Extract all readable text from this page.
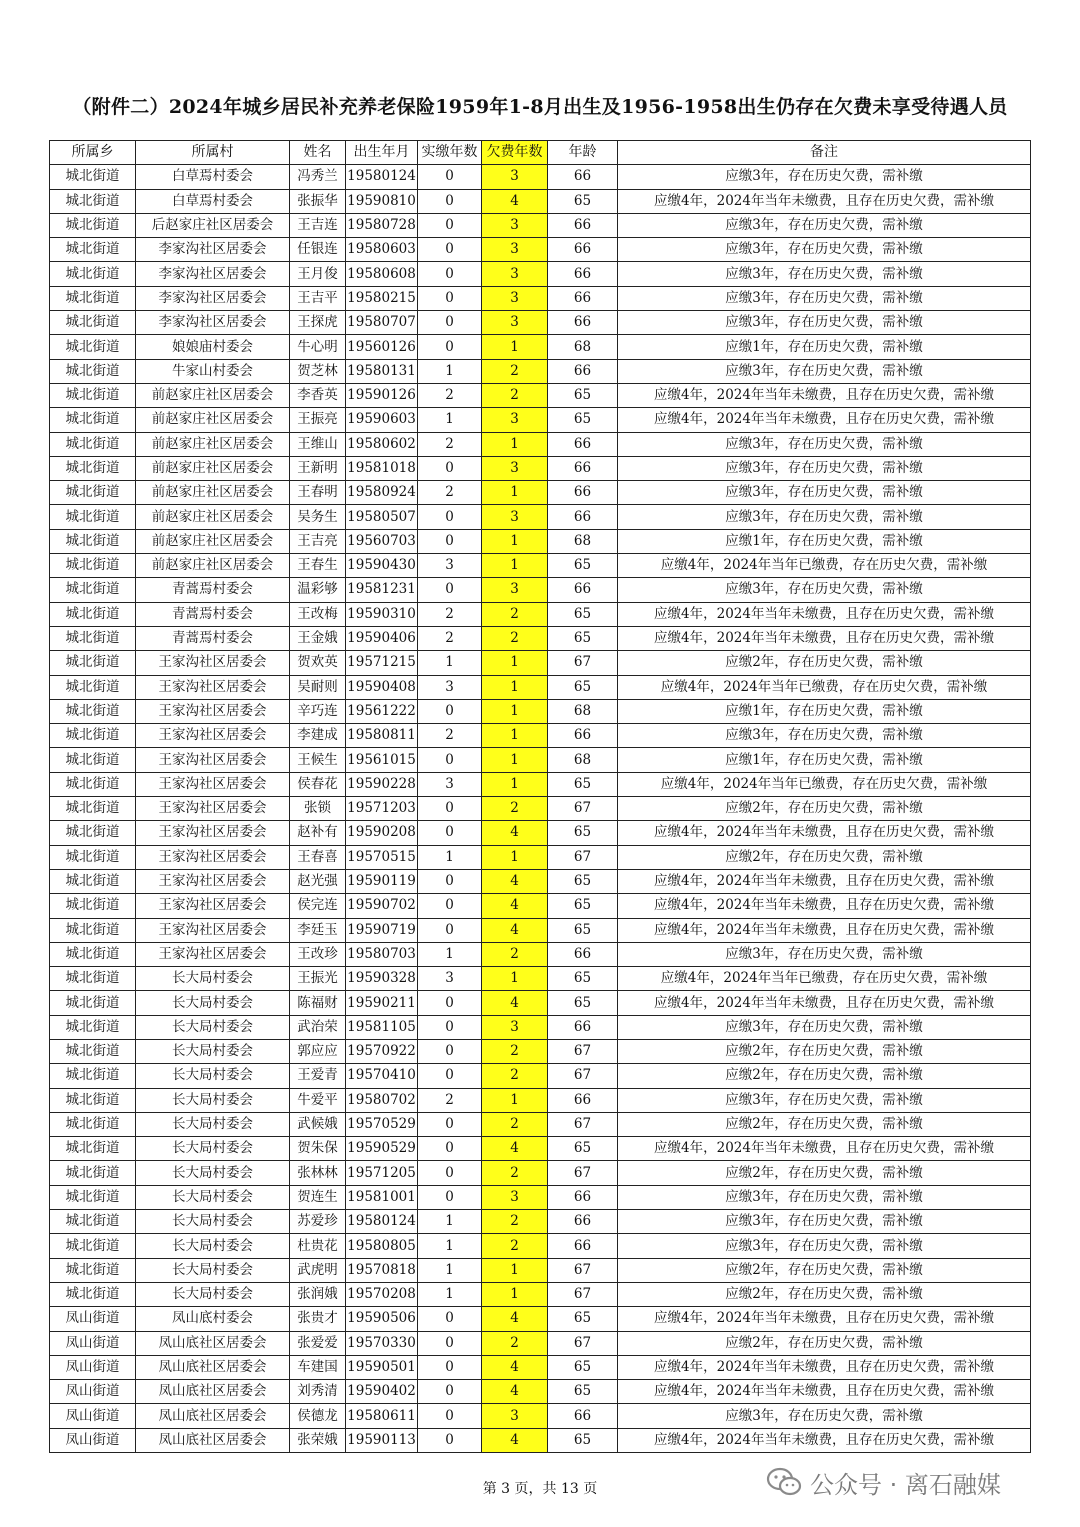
（附件二）2024年城乡居民补充养老保险1959年1-8月出生及1956-1958出生仍存在欠费未享受待遇人员
所属乡	所属村	姓名	出生年月	实缴年数	欠费年数	年龄	备注
城北街道	白草焉村委会	冯秀兰	19580124	0	3	66	应缴3年，存在历史欠费，需补缴
城北街道	白草焉村委会	张振华	19590810	0	4	65	应缴4年，2024年当年未缴费，且存在历史欠费，需补缴
城北街道	后赵家庄社区居委会	王吉连	19580728	0	3	66	应缴3年，存在历史欠费，需补缴
城北街道	李家沟社区居委会	任银连	19580603	0	3	66	应缴3年，存在历史欠费，需补缴
城北街道	李家沟社区居委会	王月俊	19580608	0	3	66	应缴3年，存在历史欠费，需补缴
城北街道	李家沟社区居委会	王吉平	19580215	0	3	66	应缴3年，存在历史欠费，需补缴
城北街道	李家沟社区居委会	王探虎	19580707	0	3	66	应缴3年，存在历史欠费，需补缴
城北街道	娘娘庙村委会	牛心明	19560126	0	1	68	应缴1年，存在历史欠费，需补缴
城北街道	牛家山村委会	贺芝林	19580131	1	2	66	应缴3年，存在历史欠费，需补缴
城北街道	前赵家庄社区居委会	李香英	19590126	2	2	65	应缴4年，2024年当年未缴费，且存在历史欠费，需补缴
城北街道	前赵家庄社区居委会	王振亮	19590603	1	3	65	应缴4年，2024年当年未缴费，且存在历史欠费，需补缴
城北街道	前赵家庄社区居委会	王维山	19580602	2	1	66	应缴3年，存在历史欠费，需补缴
城北街道	前赵家庄社区居委会	王新明	19581018	0	3	66	应缴3年，存在历史欠费，需补缴
城北街道	前赵家庄社区居委会	王春明	19580924	2	1	66	应缴3年，存在历史欠费，需补缴
城北街道	前赵家庄社区居委会	吴务生	19580507	0	3	66	应缴3年，存在历史欠费，需补缴
城北街道	前赵家庄社区居委会	王吉亮	19560703	0	1	68	应缴1年，存在历史欠费，需补缴
城北街道	前赵家庄社区居委会	王春生	19590430	3	1	65	应缴4年，2024年当年已缴费，存在历史欠费，需补缴
城北街道	青蒿焉村委会	温彩够	19581231	0	3	66	应缴3年，存在历史欠费，需补缴
城北街道	青蒿焉村委会	王改梅	19590310	2	2	65	应缴4年，2024年当年未缴费，且存在历史欠费，需补缴
城北街道	青蒿焉村委会	王金娥	19590406	2	2	65	应缴4年，2024年当年未缴费，且存在历史欠费，需补缴
城北街道	王家沟社区居委会	贺欢英	19571215	1	1	67	应缴2年，存在历史欠费，需补缴
城北街道	王家沟社区居委会	吴耐则	19590408	3	1	65	应缴4年，2024年当年已缴费，存在历史欠费，需补缴
城北街道	王家沟社区居委会	辛巧连	19561222	0	1	68	应缴1年，存在历史欠费，需补缴
城北街道	王家沟社区居委会	李建成	19580811	2	1	66	应缴3年，存在历史欠费，需补缴
城北街道	王家沟社区居委会	王候生	19561015	0	1	68	应缴1年，存在历史欠费，需补缴
城北街道	王家沟社区居委会	侯春花	19590228	3	1	65	应缴4年，2024年当年已缴费，存在历史欠费，需补缴
城北街道	王家沟社区居委会	张锁	19571203	0	2	67	应缴2年，存在历史欠费，需补缴
城北街道	王家沟社区居委会	赵补有	19590208	0	4	65	应缴4年，2024年当年未缴费，且存在历史欠费，需补缴
城北街道	王家沟社区居委会	王春喜	19570515	1	1	67	应缴2年，存在历史欠费，需补缴
城北街道	王家沟社区居委会	赵光强	19590119	0	4	65	应缴4年，2024年当年未缴费，且存在历史欠费，需补缴
城北街道	王家沟社区居委会	侯完连	19590702	0	4	65	应缴4年，2024年当年未缴费，且存在历史欠费，需补缴
城北街道	王家沟社区居委会	李廷玉	19590719	0	4	65	应缴4年，2024年当年未缴费，且存在历史欠费，需补缴
城北街道	王家沟社区居委会	王改珍	19580703	1	2	66	应缴3年，存在历史欠费，需补缴
城北街道	长大局村委会	王振光	19590328	3	1	65	应缴4年，2024年当年已缴费，存在历史欠费，需补缴
城北街道	长大局村委会	陈福财	19590211	0	4	65	应缴4年，2024年当年未缴费，且存在历史欠费，需补缴
城北街道	长大局村委会	武治荣	19581105	0	3	66	应缴3年，存在历史欠费，需补缴
城北街道	长大局村委会	郭应应	19570922	0	2	67	应缴2年，存在历史欠费，需补缴
城北街道	长大局村委会	王爱青	19570410	0	2	67	应缴2年，存在历史欠费，需补缴
城北街道	长大局村委会	牛爱平	19580702	2	1	66	应缴3年，存在历史欠费，需补缴
城北街道	长大局村委会	武候娥	19570529	0	2	67	应缴2年，存在历史欠费，需补缴
城北街道	长大局村委会	贺朱保	19590529	0	4	65	应缴4年，2024年当年未缴费，且存在历史欠费，需补缴
城北街道	长大局村委会	张林林	19571205	0	2	67	应缴2年，存在历史欠费，需补缴
城北街道	长大局村委会	贺连生	19581001	0	3	66	应缴3年，存在历史欠费，需补缴
城北街道	长大局村委会	苏爱珍	19580124	1	2	66	应缴3年，存在历史欠费，需补缴
城北街道	长大局村委会	杜贵花	19580805	1	2	66	应缴3年，存在历史欠费，需补缴
城北街道	长大局村委会	武虎明	19570818	1	1	67	应缴2年，存在历史欠费，需补缴
城北街道	长大局村委会	张润娥	19570208	1	1	67	应缴2年，存在历史欠费，需补缴
凤山街道	凤山底村委会	张贵才	19590506	0	4	65	应缴4年，2024年当年未缴费，且存在历史欠费，需补缴
凤山街道	凤山底社区居委会	张爱爱	19570330	0	2	67	应缴2年，存在历史欠费，需补缴
凤山街道	凤山底社区居委会	车建国	19590501	0	4	65	应缴4年，2024年当年未缴费，且存在历史欠费，需补缴
凤山街道	凤山底社区居委会	刘秀清	19590402	0	4	65	应缴4年，2024年当年未缴费，且存在历史欠费，需补缴
凤山街道	凤山底社区居委会	侯德龙	19580611	0	3	66	应缴3年，存在历史欠费，需补缴
凤山街道	凤山底社区居委会	张荣娥	19590113	0	4	65	应缴4年，2024年当年未缴费，且存在历史欠费，需补缴
第 3 页，共 13 页	公众号 · 离石融媒
